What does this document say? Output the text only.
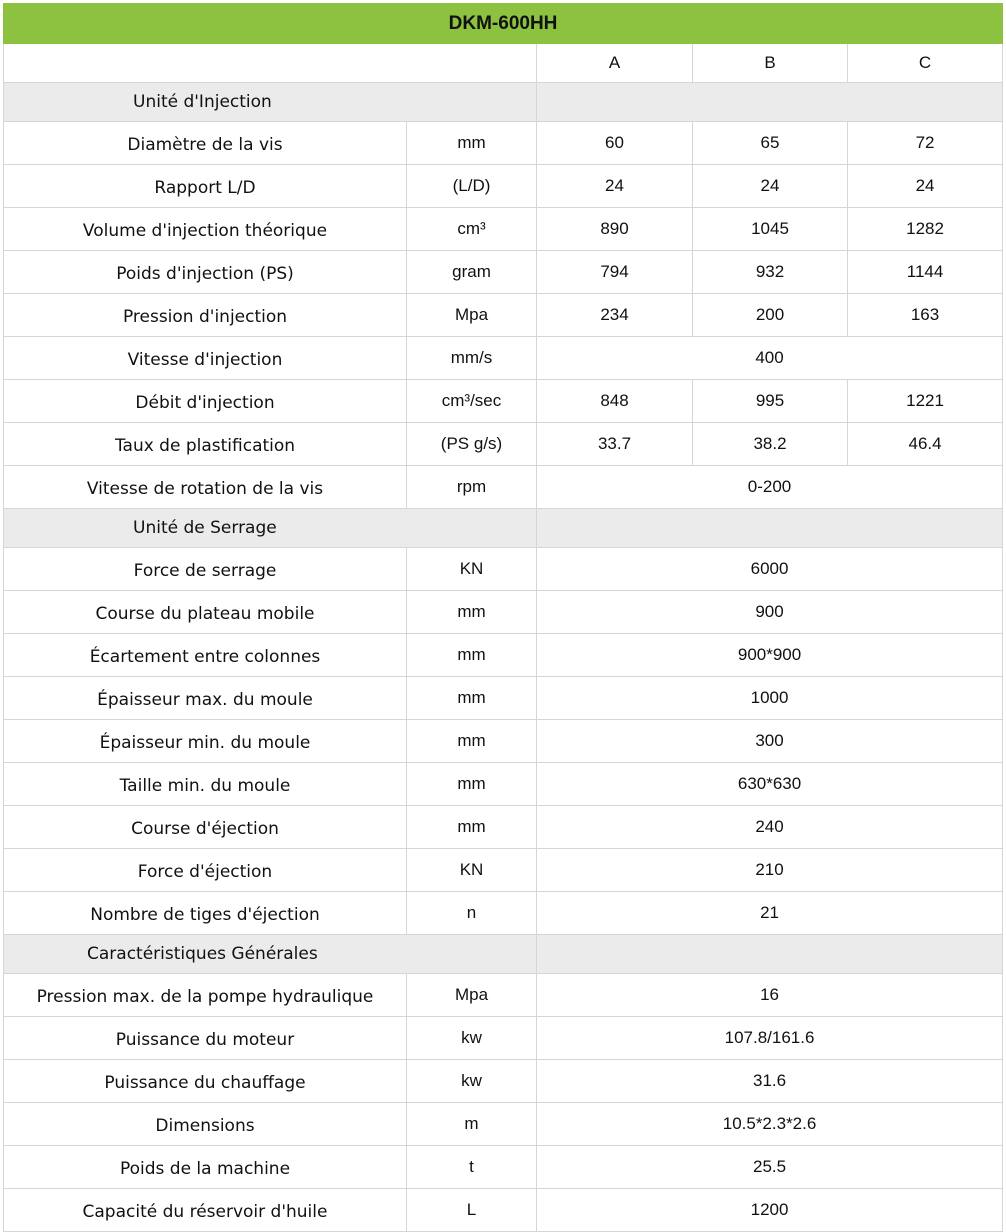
DKM-600HH				
		A	B	C
Unité d'Injection				
Diamètre de la vis	mm	60	65	72
Rapport L/D	(L/D)	24	24	24
Volume d'injection théorique	cm³	890	1045	1282
Poids d'injection (PS)	gram	794	932	1144
Pression d'injection	Mpa	234	200	163
Vitesse d'injection	mm/s	400		
Débit d'injection	cm³/sec	848	995	1221
Taux de plastification	(PS g/s)	33.7	38.2	46.4
Vitesse de rotation de la vis	rpm	0-200		
Unité de Serrage				
Force de serrage	KN	6000		
Course du plateau mobile	mm	900		
Écartement entre colonnes	mm	900*900		
Épaisseur max. du moule	mm	1000		
Épaisseur min. du moule	mm	300		
Taille min. du moule	mm	630*630		
Course d'éjection	mm	240		
Force d'éjection	KN	210		
Nombre de tiges d'éjection	n	21		
Caractéristiques Générales				
Pression max. de la pompe hydraulique	Mpa	16		
Puissance du moteur	kw	107.8/161.6		
Puissance du chauffage	kw	31.6		
Dimensions	m	10.5*2.3*2.6		
Poids de la machine	t	25.5		
Capacité du réservoir d'huile	L	1200		
